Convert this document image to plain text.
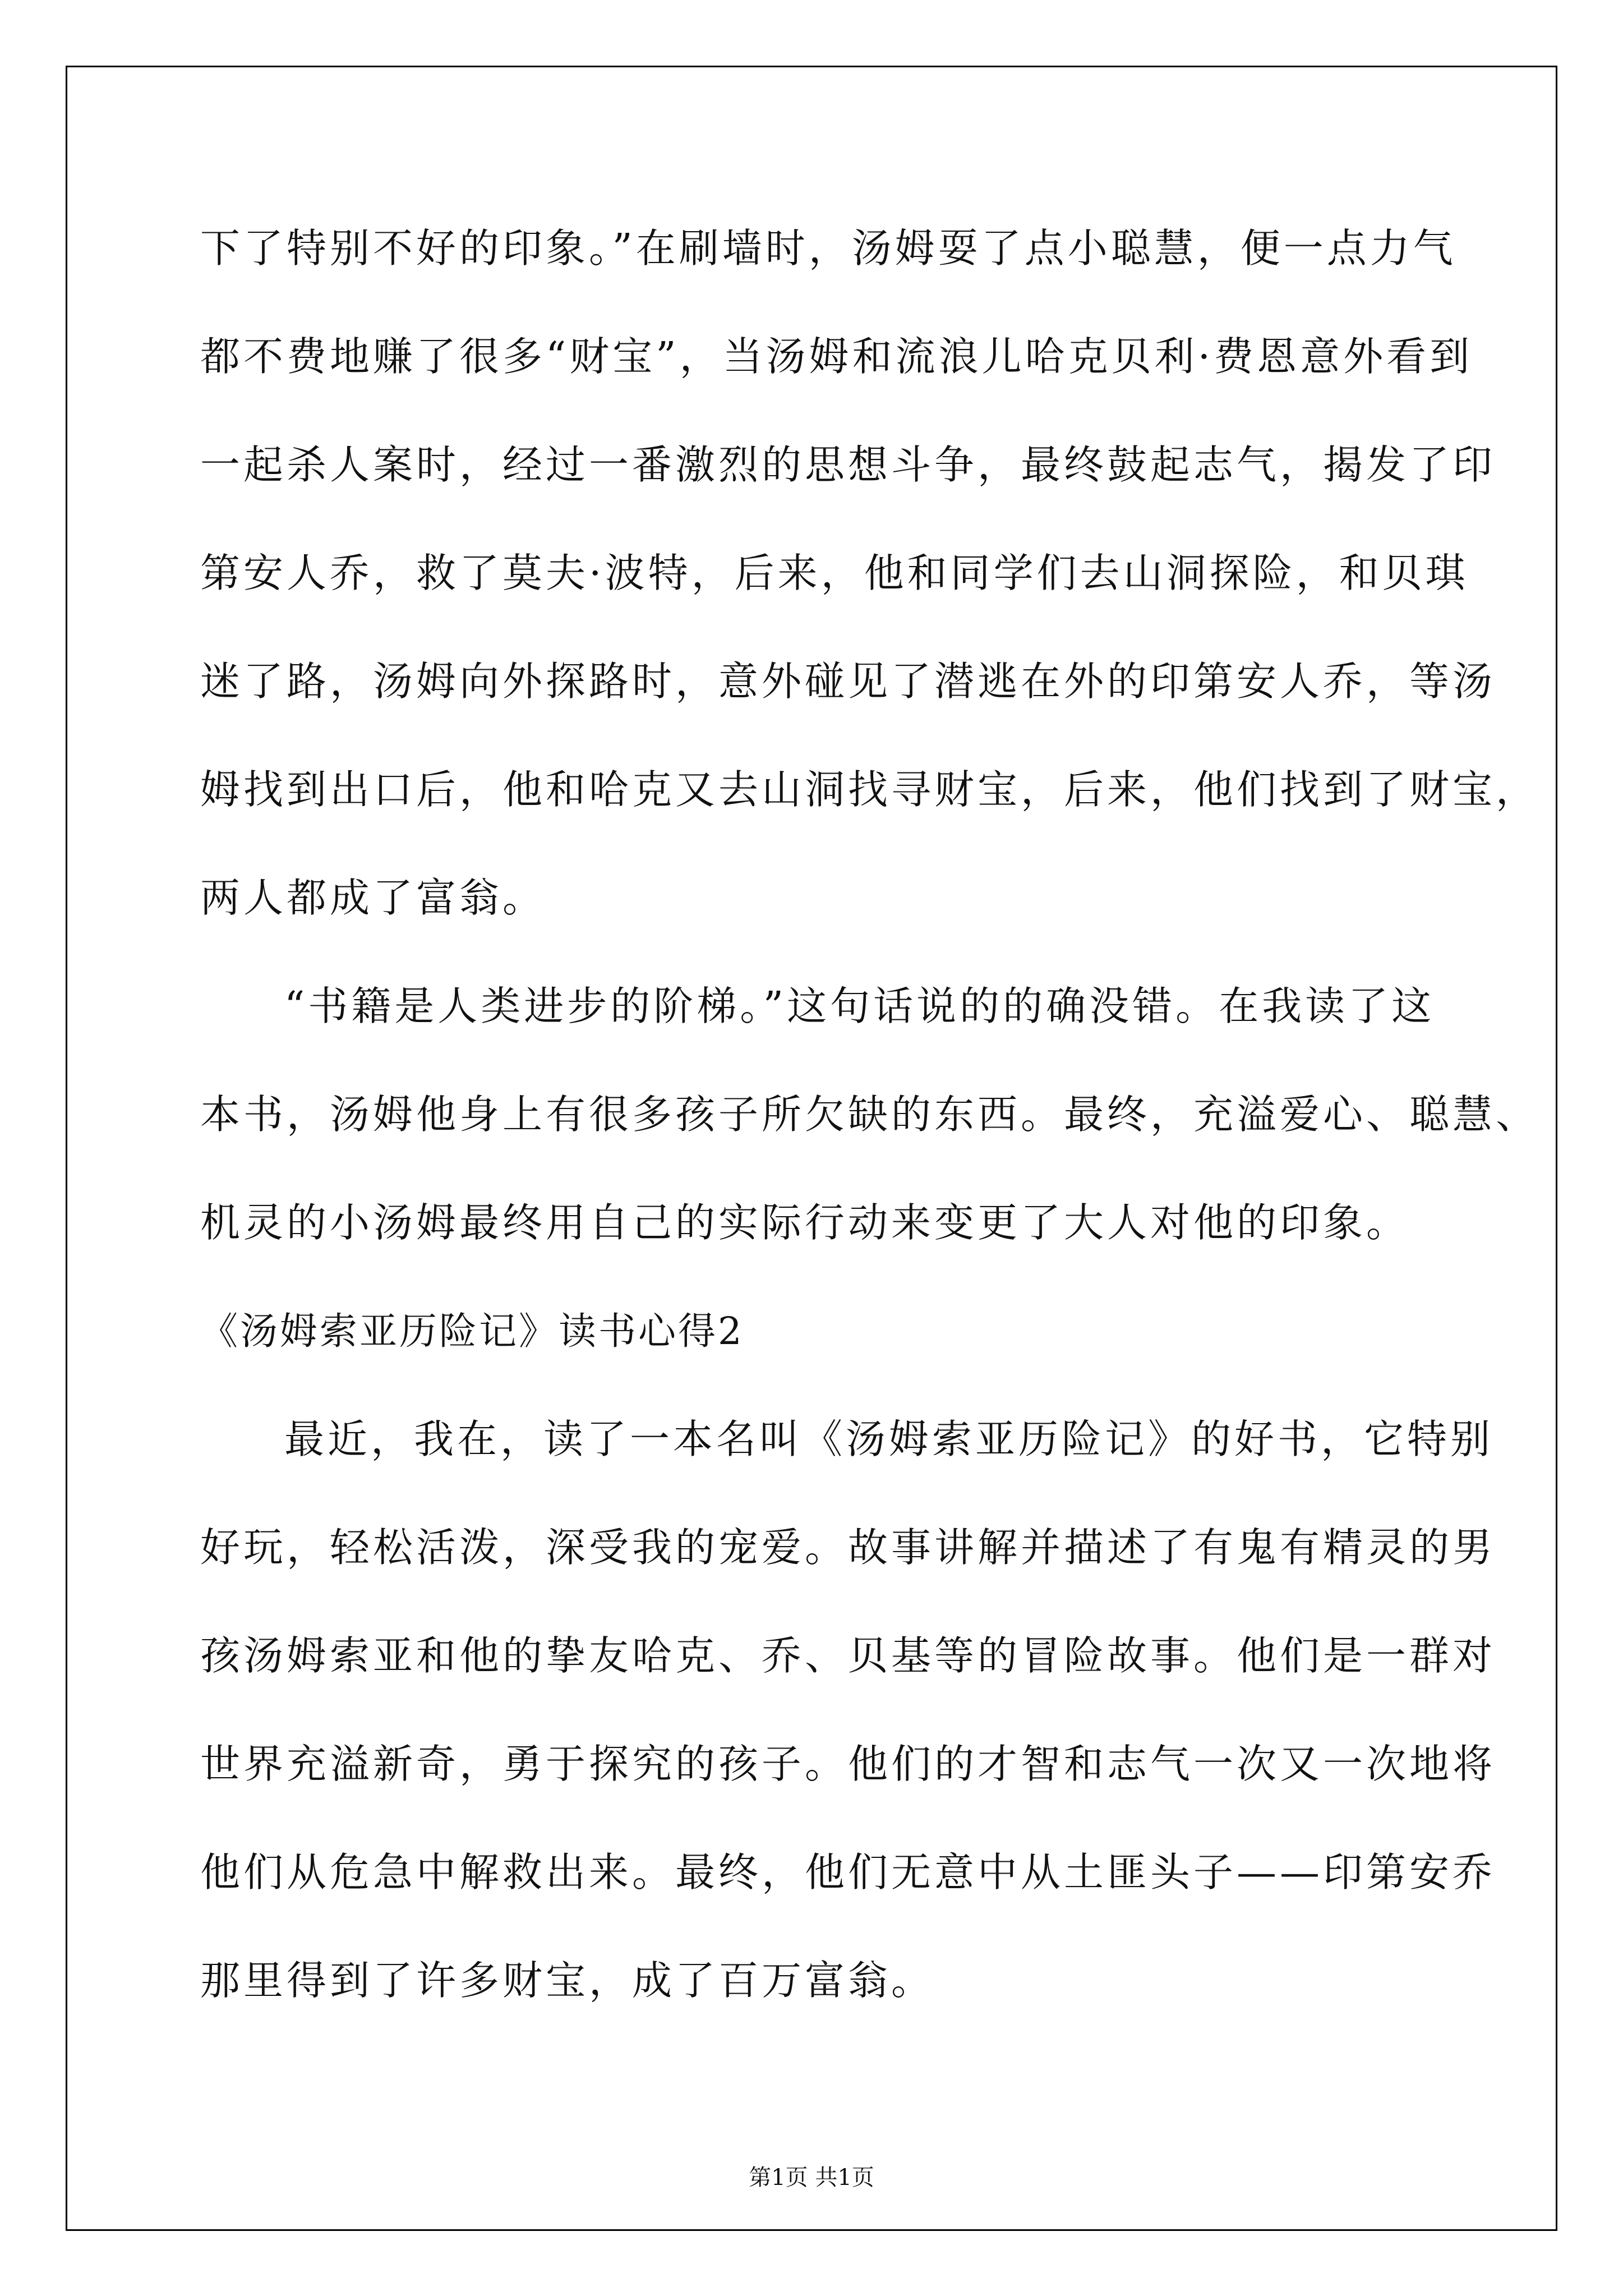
下了特别不好的印象。”在刷墙时，汤姆耍了点小聪慧，便一点力气
都不费地赚了很多“财宝”，当汤姆和流浪儿哈克贝利·费恩意外看到
一起杀人案时，经过一番激烈的思想斗争，最终鼓起志气，揭发了印
第安人乔，救了莫夫·波特，后来，他和同学们去山洞探险，和贝琪
迷了路，汤姆向外探路时，意外碰见了潜逃在外的印第安人乔，等汤
姆找到出口后，他和哈克又去山洞找寻财宝，后来，他们找到了财宝，
两人都成了富翁。
“书籍是人类进步的阶梯。”这句话说的的确没错。在我读了这
本书，汤姆他身上有很多孩子所欠缺的东西。最终，充溢爱心、聪慧、
机灵的小汤姆最终用自己的实际行动来变更了大人对他的印象。
《汤姆索亚历险记》读书心得2
最近，我在，读了一本名叫《汤姆索亚历险记》的好书，它特别
好玩，轻松活泼，深受我的宠爱。故事讲解并描述了有鬼有精灵的男
孩汤姆索亚和他的挚友哈克、乔、贝基等的冒险故事。他们是一群对
世界充溢新奇，勇于探究的孩子。他们的才智和志气一次又一次地将
他们从危急中解救出来。最终，他们无意中从土匪头子——印第安乔
那里得到了许多财宝，成了百万富翁。
第1页 共1页
